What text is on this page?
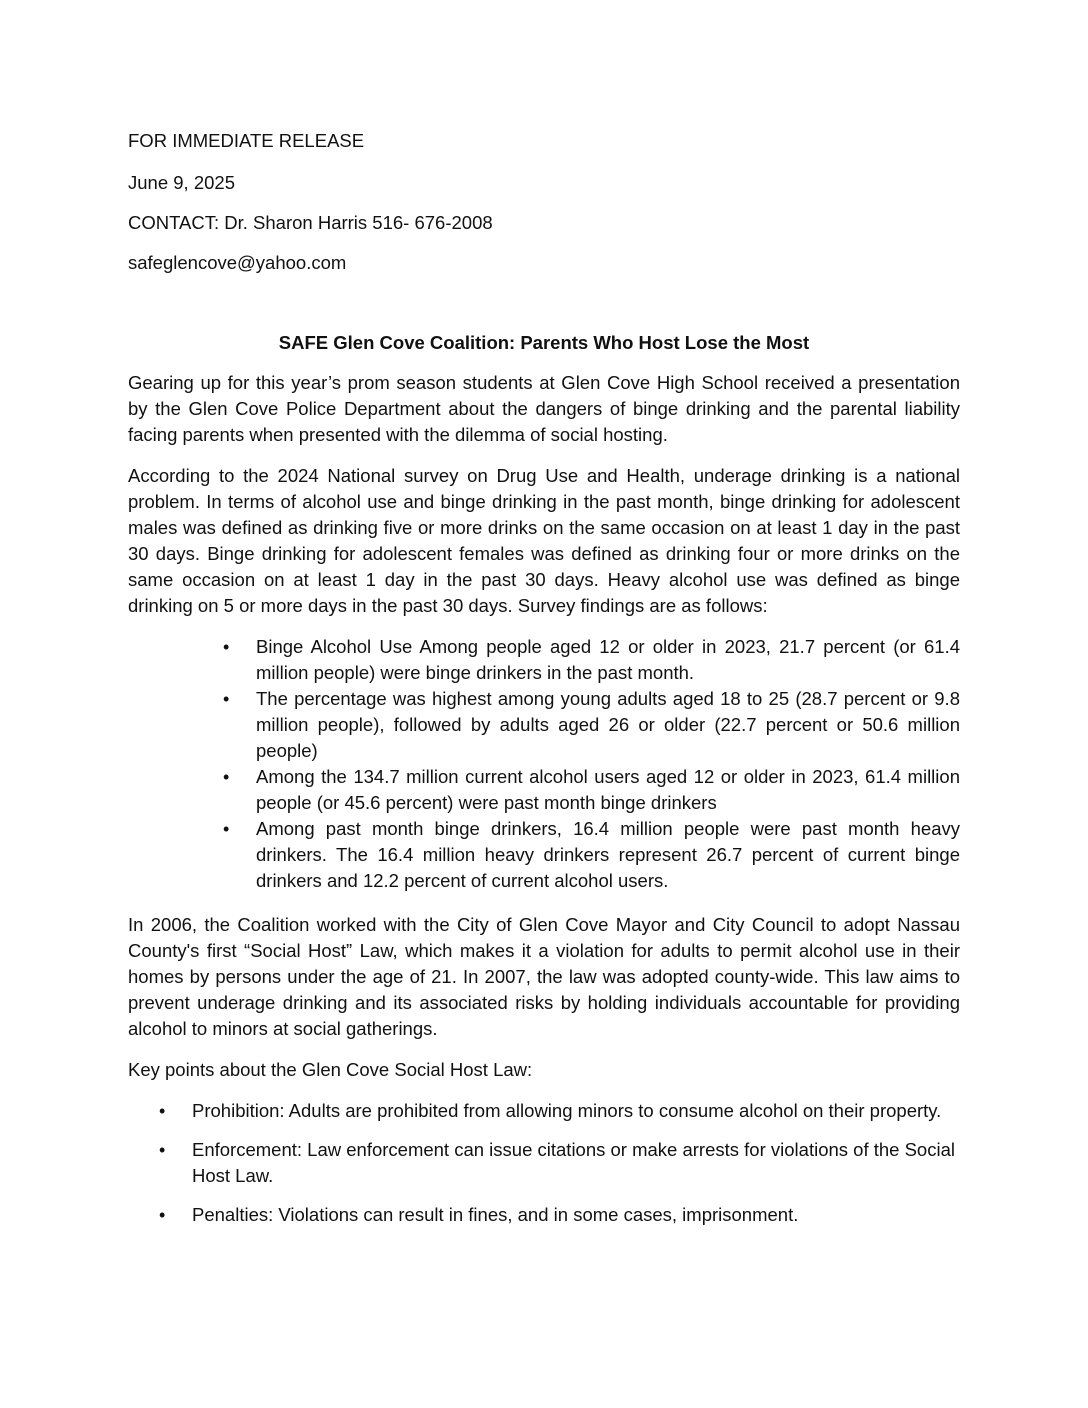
FOR IMMEDIATE RELEASE
June 9, 2025
CONTACT: Dr. Sharon Harris 516- 676-2008
safeglencove@yahoo.com
SAFE Glen Cove Coalition: Parents Who Host Lose the Most

Gearing up for this year’s prom season students at Glen Cove High School received a presentation by the Glen Cove Police Department about the dangers of binge drinking and the parental liability facing parents when presented with the dilemma of social hosting.

According to the 2024 National survey on Drug Use and Health, underage drinking is a national problem. In terms of alcohol use and binge drinking in the past month, binge drinking for adolescent males was defined as drinking five or more drinks on the same occasion on at least 1 day in the past 30 days. Binge drinking for adolescent females was defined as drinking four or more drinks on the same occasion on at least 1 day in the past 30 days. Heavy alcohol use was defined as binge drinking on 5 or more days in the past 30 days. Survey findings are as follows:

• Binge Alcohol Use Among people aged 12 or older in 2023, 21.7 percent (or 61.4 million people) were binge drinkers in the past month.
• The percentage was highest among young adults aged 18 to 25 (28.7 percent or 9.8 million people), followed by adults aged 26 or older (22.7 percent or 50.6 million people)
• Among the 134.7 million current alcohol users aged 12 or older in 2023, 61.4 million people (or 45.6 percent) were past month binge drinkers
• Among past month binge drinkers, 16.4 million people were past month heavy drinkers. The 16.4 million heavy drinkers represent 26.7 percent of current binge drinkers and 12.2 percent of current alcohol users.

In 2006, the Coalition worked with the City of Glen Cove Mayor and City Council to adopt Nassau County's first “Social Host” Law, which makes it a violation for adults to permit alcohol use in their homes by persons under the age of 21. In 2007, the law was adopted county-wide. This law aims to prevent underage drinking and its associated risks by holding individuals accountable for providing alcohol to minors at social gatherings.

Key points about the Glen Cove Social Host Law:

• Prohibition: Adults are prohibited from allowing minors to consume alcohol on their property.
• Enforcement: Law enforcement can issue citations or make arrests for violations of the Social Host Law.
• Penalties: Violations can result in fines, and in some cases, imprisonment.
